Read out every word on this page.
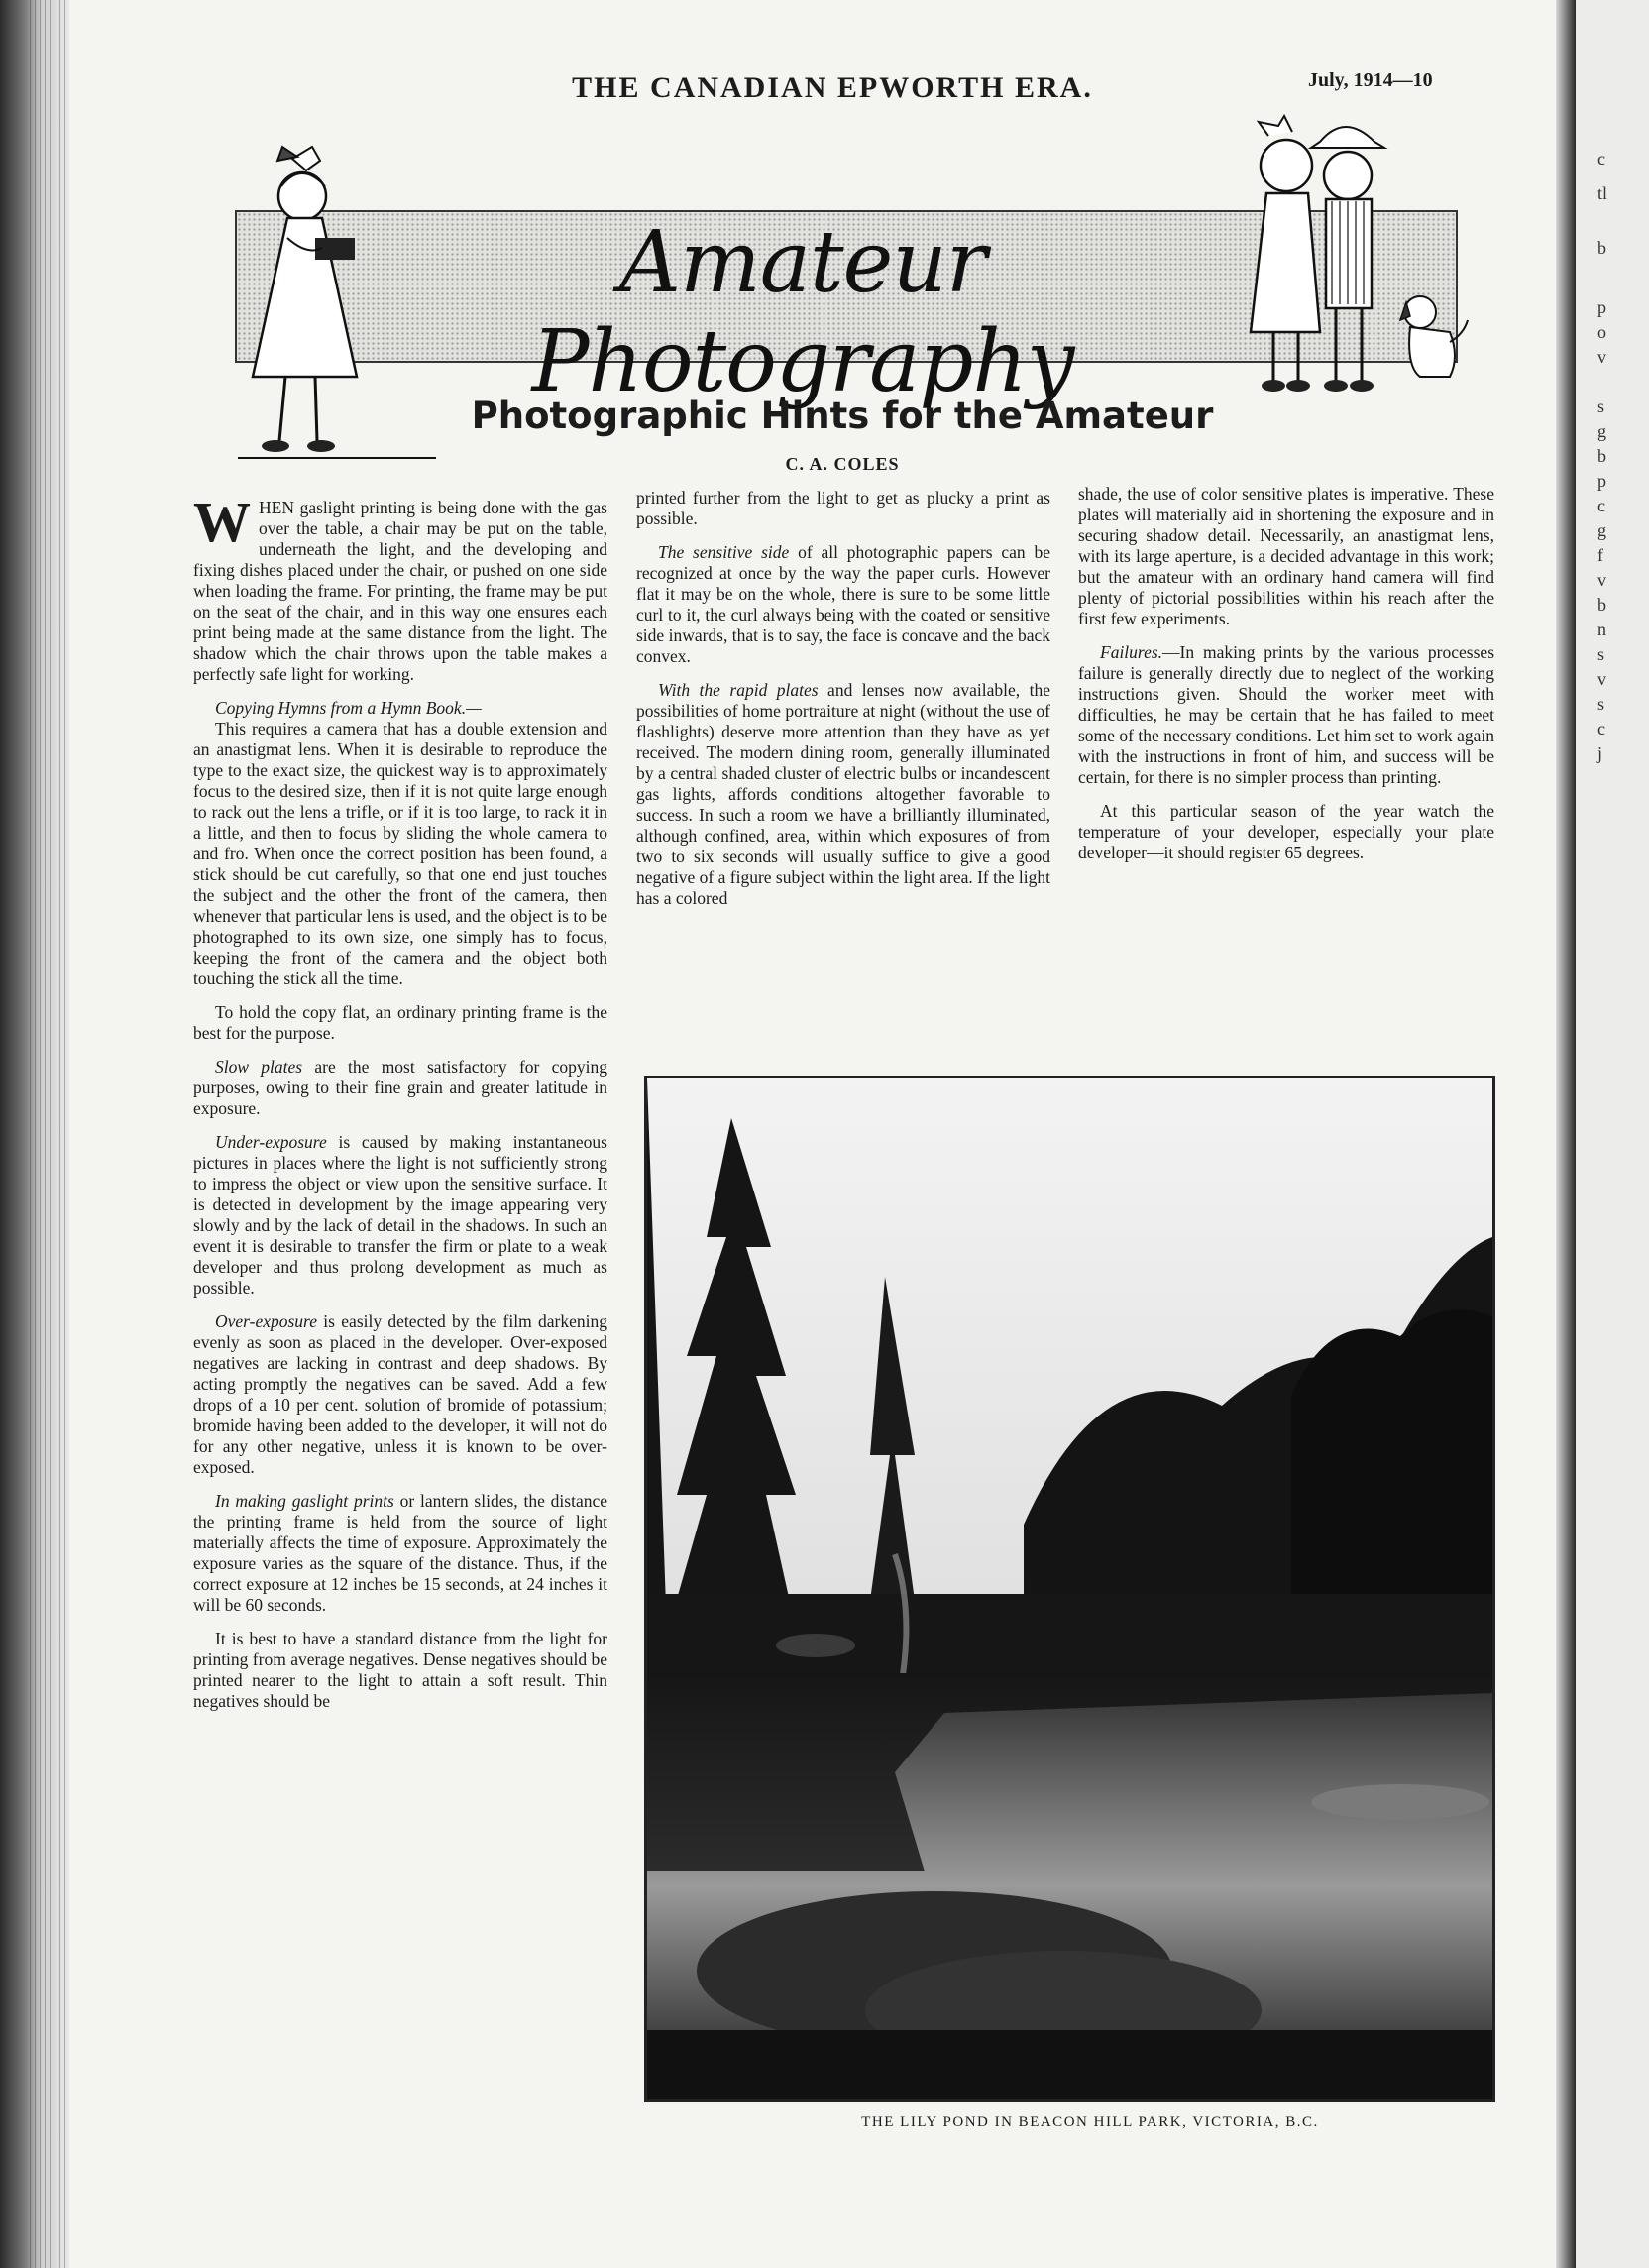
c
tl
b
p
o
v
s
g
b
p
c
g
f
v
b
n
s
v
s
c
j
THE CANADIAN EPWORTH ERA.	July, 1914—10
Amateur Photography
Photographic Hints for the Amateur
C. A. COLES

WHEN gaslight printing is being done with the gas over the table, a chair may be put on the table, underneath the light, and the developing and fixing dishes placed under the chair, or pushed on one side when loading the frame. For printing, the frame may be put on the seat of the chair, and in this way one ensures each print being made at the same distance from the light. The shadow which the chair throws upon the table makes a perfectly safe light for working.

Copying Hymns from a Hymn Book.—

This requires a camera that has a double extension and an anastigmat lens. When it is desirable to reproduce the type to the exact size, the quickest way is to approximately focus to the desired size, then if it is not quite large enough to rack out the lens a trifle, or if it is too large, to rack it in a little, and then to focus by sliding the whole camera to and fro. When once the correct position has been found, a stick should be cut carefully, so that one end just touches the subject and the other the front of the camera, then whenever that particular lens is used, and the object is to be photographed to its own size, one simply has to focus, keeping the front of the camera and the object both touching the stick all the time.

To hold the copy flat, an ordinary printing frame is the best for the purpose.

Slow plates are the most satisfactory for copying purposes, owing to their fine grain and greater latitude in exposure.

Under-exposure is caused by making instantaneous pictures in places where the light is not sufficiently strong to impress the object or view upon the sensitive surface. It is detected in development by the image appearing very slowly and by the lack of detail in the shadows. In such an event it is desirable to transfer the firm or plate to a weak developer and thus prolong development as much as possible.

Over-exposure is easily detected by the film darkening evenly as soon as placed in the developer. Over-exposed negatives are lacking in contrast and deep shadows. By acting promptly the negatives can be saved. Add a few drops of a 10 per cent. solution of bromide of potassium; bromide having been added to the developer, it will not do for any other negative, unless it is known to be over-exposed.

In making gaslight prints or lantern slides, the distance the printing frame is held from the source of light materially affects the time of exposure. Approximately the exposure varies as the square of the distance. Thus, if the correct exposure at 12 inches be 15 seconds, at 24 inches it will be 60 seconds.

It is best to have a standard distance from the light for printing from average negatives. Dense negatives should be printed nearer to the light to attain a soft result. Thin negatives should be

printed further from the light to get as plucky a print as possible.

The sensitive side of all photographic papers can be recognized at once by the way the paper curls. However flat it may be on the whole, there is sure to be some little curl to it, the curl always being with the coated or sensitive side inwards, that is to say, the face is concave and the back convex.

With the rapid plates and lenses now available, the possibilities of home portraiture at night (without the use of flashlights) deserve more attention than they have as yet received. The modern dining room, generally illuminated by a central shaded cluster of electric bulbs or incandescent gas lights, affords conditions altogether favorable to success. In such a room we have a brilliantly illuminated, although confined, area, within which exposures of from two to six seconds will usually suffice to give a good negative of a figure subject within the light area. If the light has a colored

shade, the use of color sensitive plates is imperative. These plates will materially aid in shortening the exposure and in securing shadow detail. Necessarily, an anastigmat lens, with its large aperture, is a decided advantage in this work; but the amateur with an ordinary hand camera will find plenty of pictorial possibilities within his reach after the first few experiments.

Failures.—In making prints by the various processes failure is generally directly due to neglect of the working instructions given. Should the worker meet with difficulties, he may be certain that he has failed to meet some of the necessary conditions. Let him set to work again with the instructions in front of him, and success will be certain, for there is no simpler process than printing.

At this particular season of the year watch the temperature of your developer, especially your plate developer—it should register 65 degrees.

THE LILY POND IN BEACON HILL PARK, VICTORIA, B.C.
